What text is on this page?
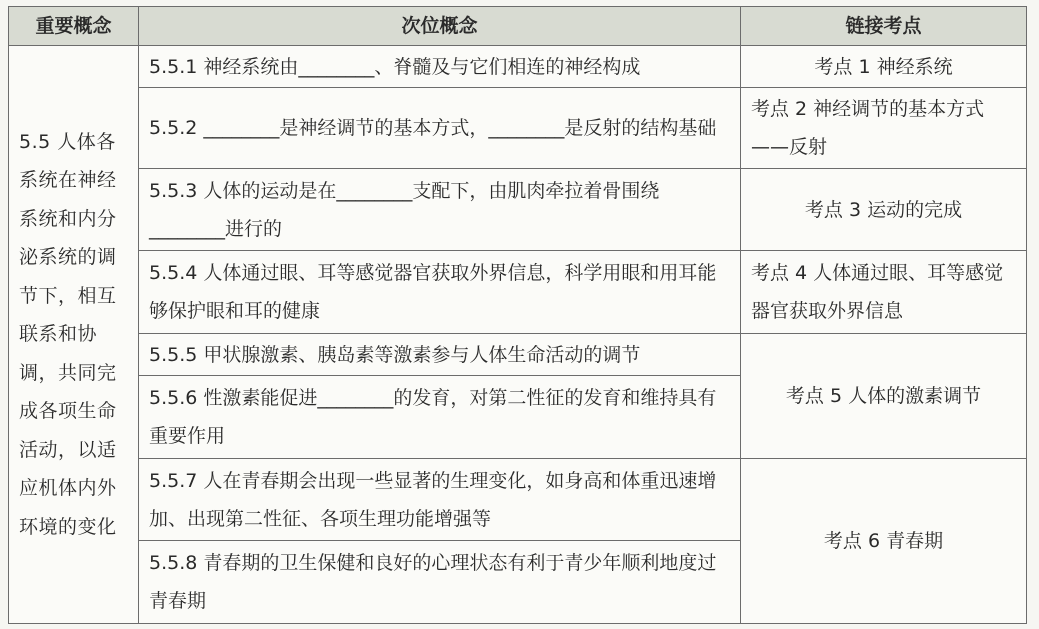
重要概念	次位概念	链接考点
5.5 人体各系统在神经系统和内分泌系统的调节下，相互联系和协调，共同完成各项生命活动，以适应机体内外环境的变化	5.5.1 神经系统由________、脊髓及与它们相连的神经构成	考点 1 神经系统
	5.5.2 ________是神经调节的基本方式，________是反射的结构基础	考点 2 神经调节的基本方式——反射
	5.5.3 人体的运动是在________支配下，由肌肉牵拉着骨围绕________进行的	考点 3 运动的完成
	5.5.4 人体通过眼、耳等感觉器官获取外界信息，科学用眼和用耳能够保护眼和耳的健康	考点 4 人体通过眼、耳等感觉器官获取外界信息
	5.5.5 甲状腺激素、胰岛素等激素参与人体生命活动的调节	考点 5 人体的激素调节
	5.5.6 性激素能促进________的发育，对第二性征的发育和维持具有重要作用	
	5.5.7 人在青春期会出现一些显著的生理变化，如身高和体重迅速增加、出现第二性征、各项生理功能增强等	考点 6 青春期
	5.5.8 青春期的卫生保健和良好的心理状态有利于青少年顺利地度过青春期	
